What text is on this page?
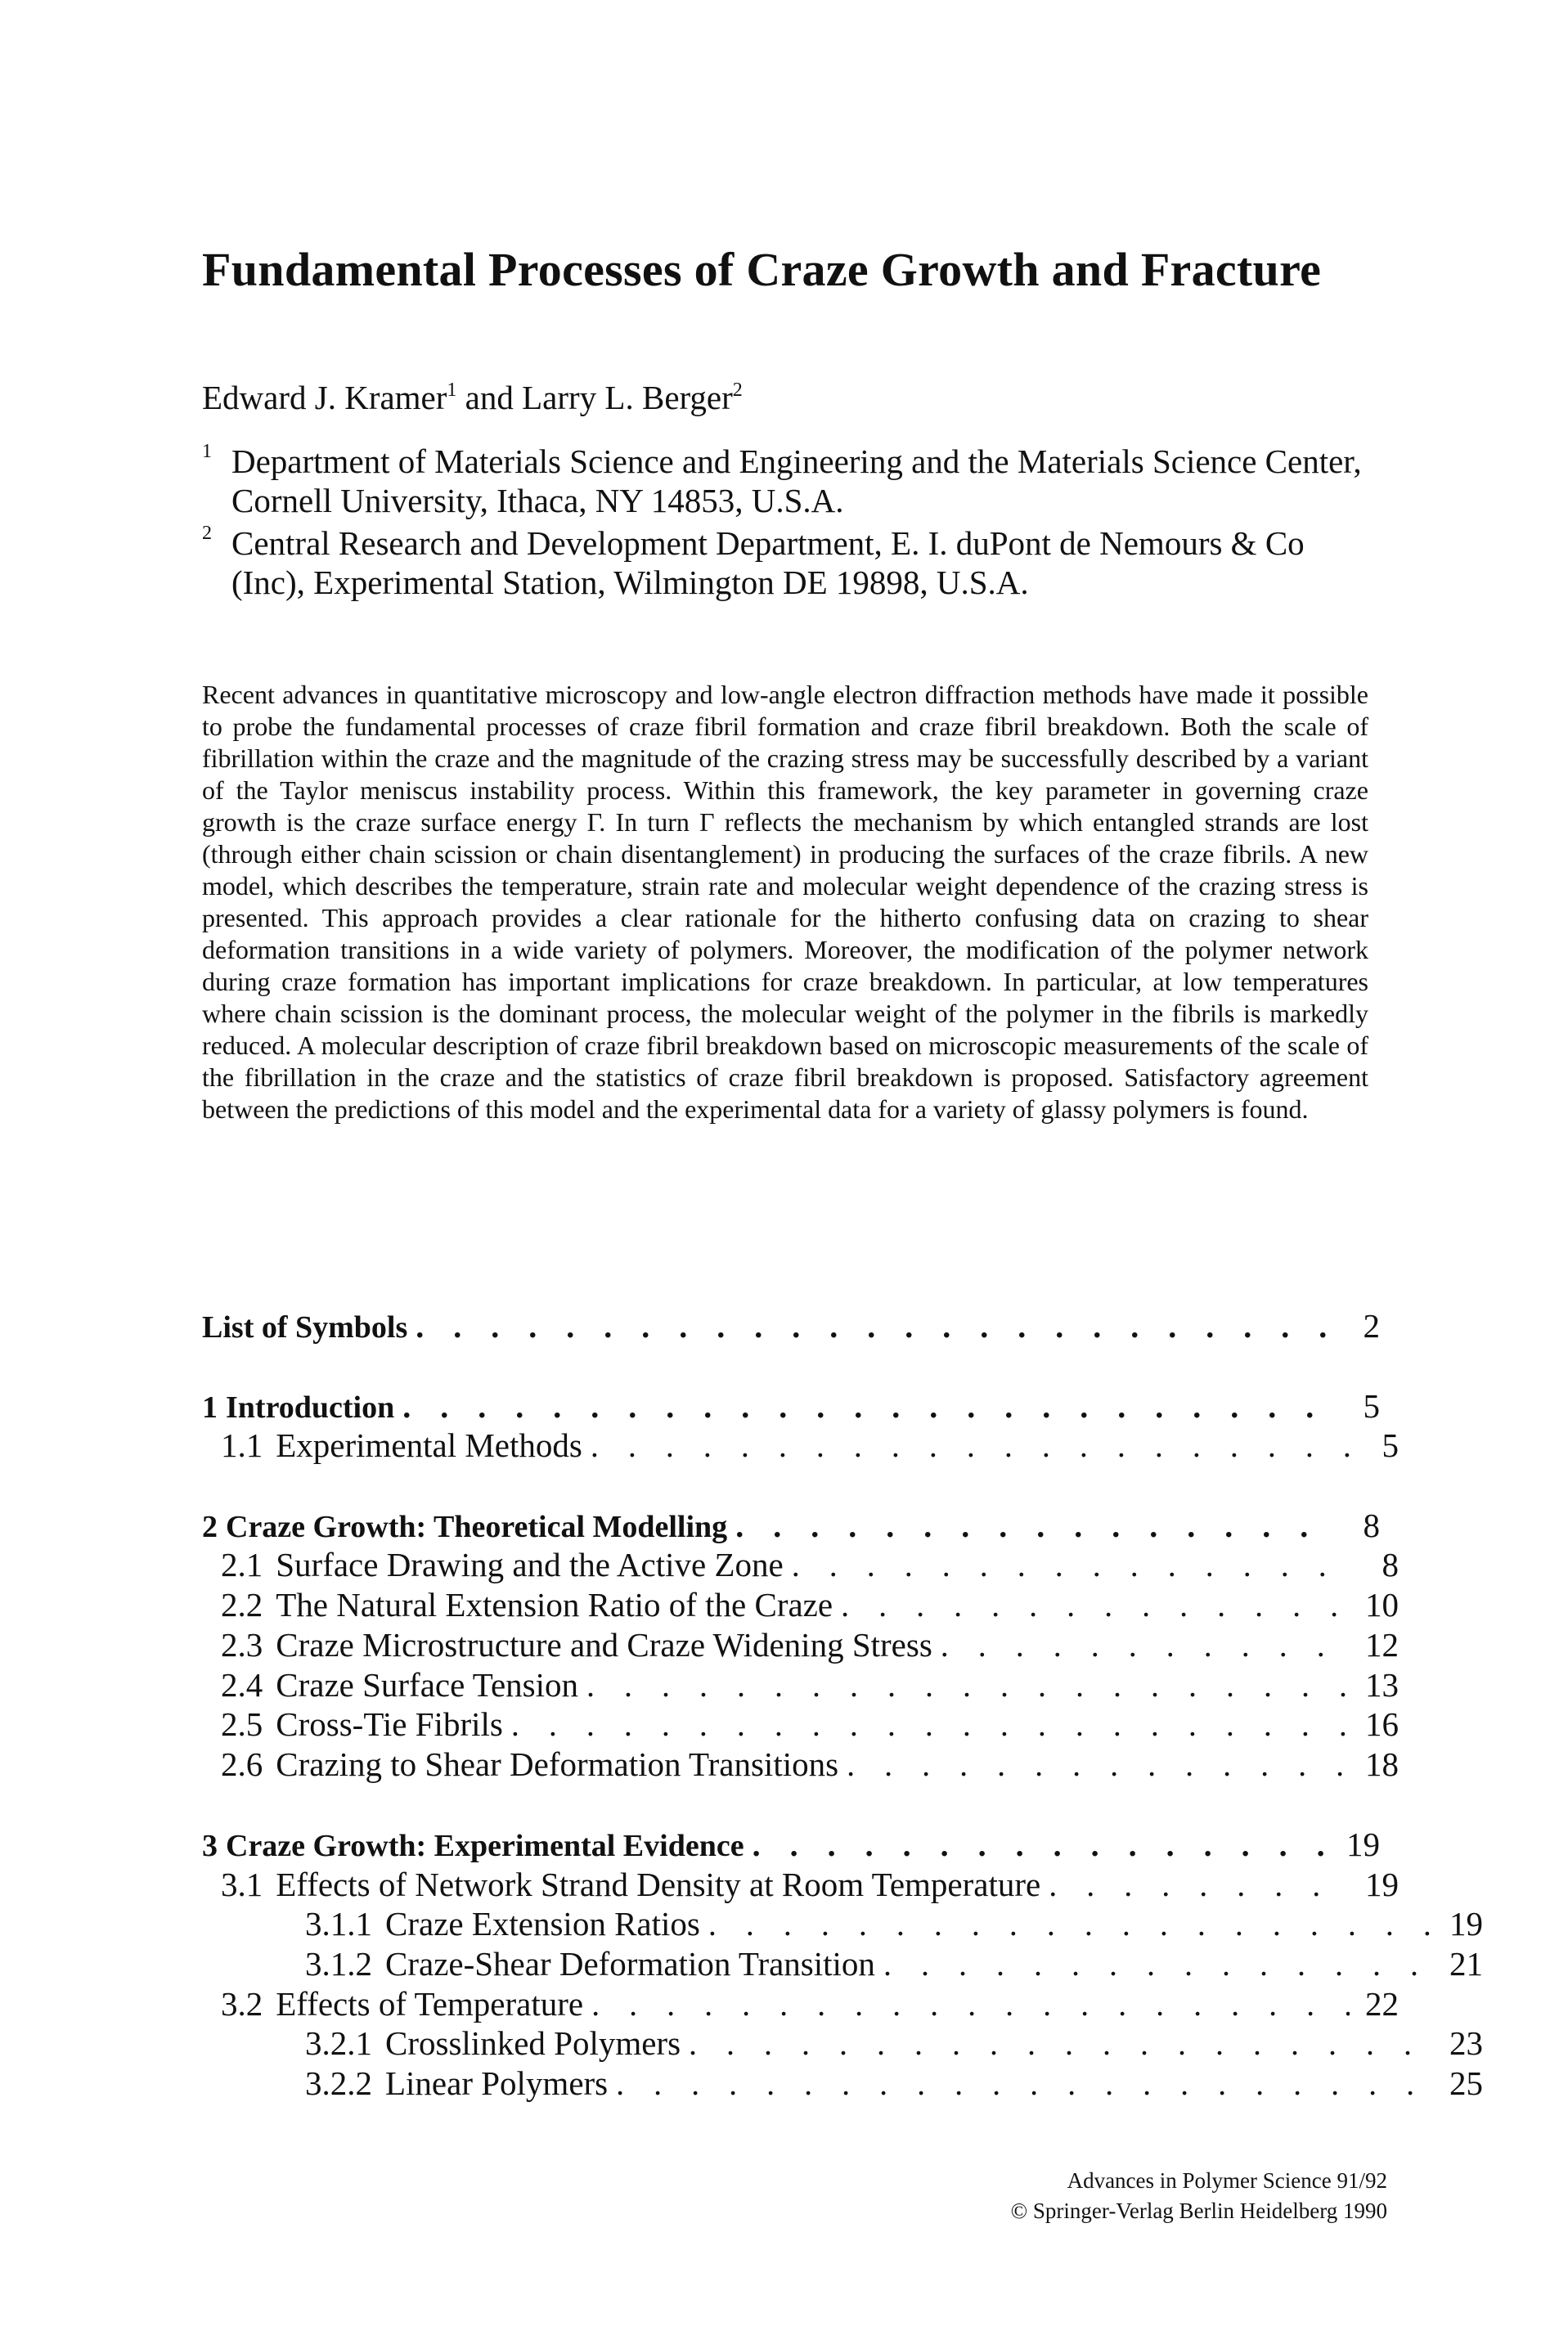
Fundamental Processes of Craze Growth and Fracture
Edward J. Kramer$^1$ and Larry L. Berger$^2$
1 Department of Materials Science and Engineering and the Materials Science Center, Cornell University, Ithaca, NY 14853, U.S.A.
2 Central Research and Development Department, E. I. duPont de Nemours & Co (Inc), Experimental Station, Wilmington DE 19898, U.S.A.
Recent advances in quantitative microscopy and low-angle electron diffraction methods have made it possible to probe the fundamental processes of craze fibril formation and craze fibril breakdown. Both the scale of fibrillation within the craze and the magnitude of the crazing stress may be successfully described by a variant of the Taylor meniscus instability process. Within this framework, the key parameter in governing craze growth is the craze surface energy Γ. In turn Γ reflects the mechanism by which entangled strands are lost (through either chain scission or chain disentanglement) in producing the surfaces of the craze fibrils. A new model, which describes the temperature, strain rate and molecular weight dependence of the crazing stress is presented. This approach provides a clear rationale for the hitherto confusing data on crazing to shear deformation transitions in a wide variety of polymers. Moreover, the modification of the polymer network during craze formation has important implications for craze breakdown. In particular, at low temperatures where chain scission is the dominant process, the molecular weight of the polymer in the fibrils is markedly reduced. A molecular description of craze fibril breakdown based on microscopic measurements of the scale of the fibrillation in the craze and the statistics of craze fibril breakdown is proposed. Satisfactory agreement between the predictions of this model and the experimental data for a variety of glassy polymers is found.
List of Symbols . . .	2
1 Introduction . . .	5
1.1 Experimental Methods . . .	5
2 Craze Growth: Theoretical Modelling . . .	8
2.1 Surface Drawing and the Active Zone . . .	8
2.2 The Natural Extension Ratio of the Craze . . .	10
2.3 Craze Microstructure and Craze Widening Stress . . .	12
2.4 Craze Surface Tension . . .	13
2.5 Cross-Tie Fibrils . . .	16
2.6 Crazing to Shear Deformation Transitions . . .	18
3 Craze Growth: Experimental Evidence . . .	19
3.1 Effects of Network Strand Density at Room Temperature . . .	19
3.1.1 Craze Extension Ratios . . .	19
3.1.2 Craze-Shear Deformation Transition . . .	21
3.2 Effects of Temperature . . .	22
3.2.1 Crosslinked Polymers . . .	23
3.2.2 Linear Polymers . . .	25
Advances in Polymer Science 91/92
© Springer-Verlag Berlin Heidelberg 1990
